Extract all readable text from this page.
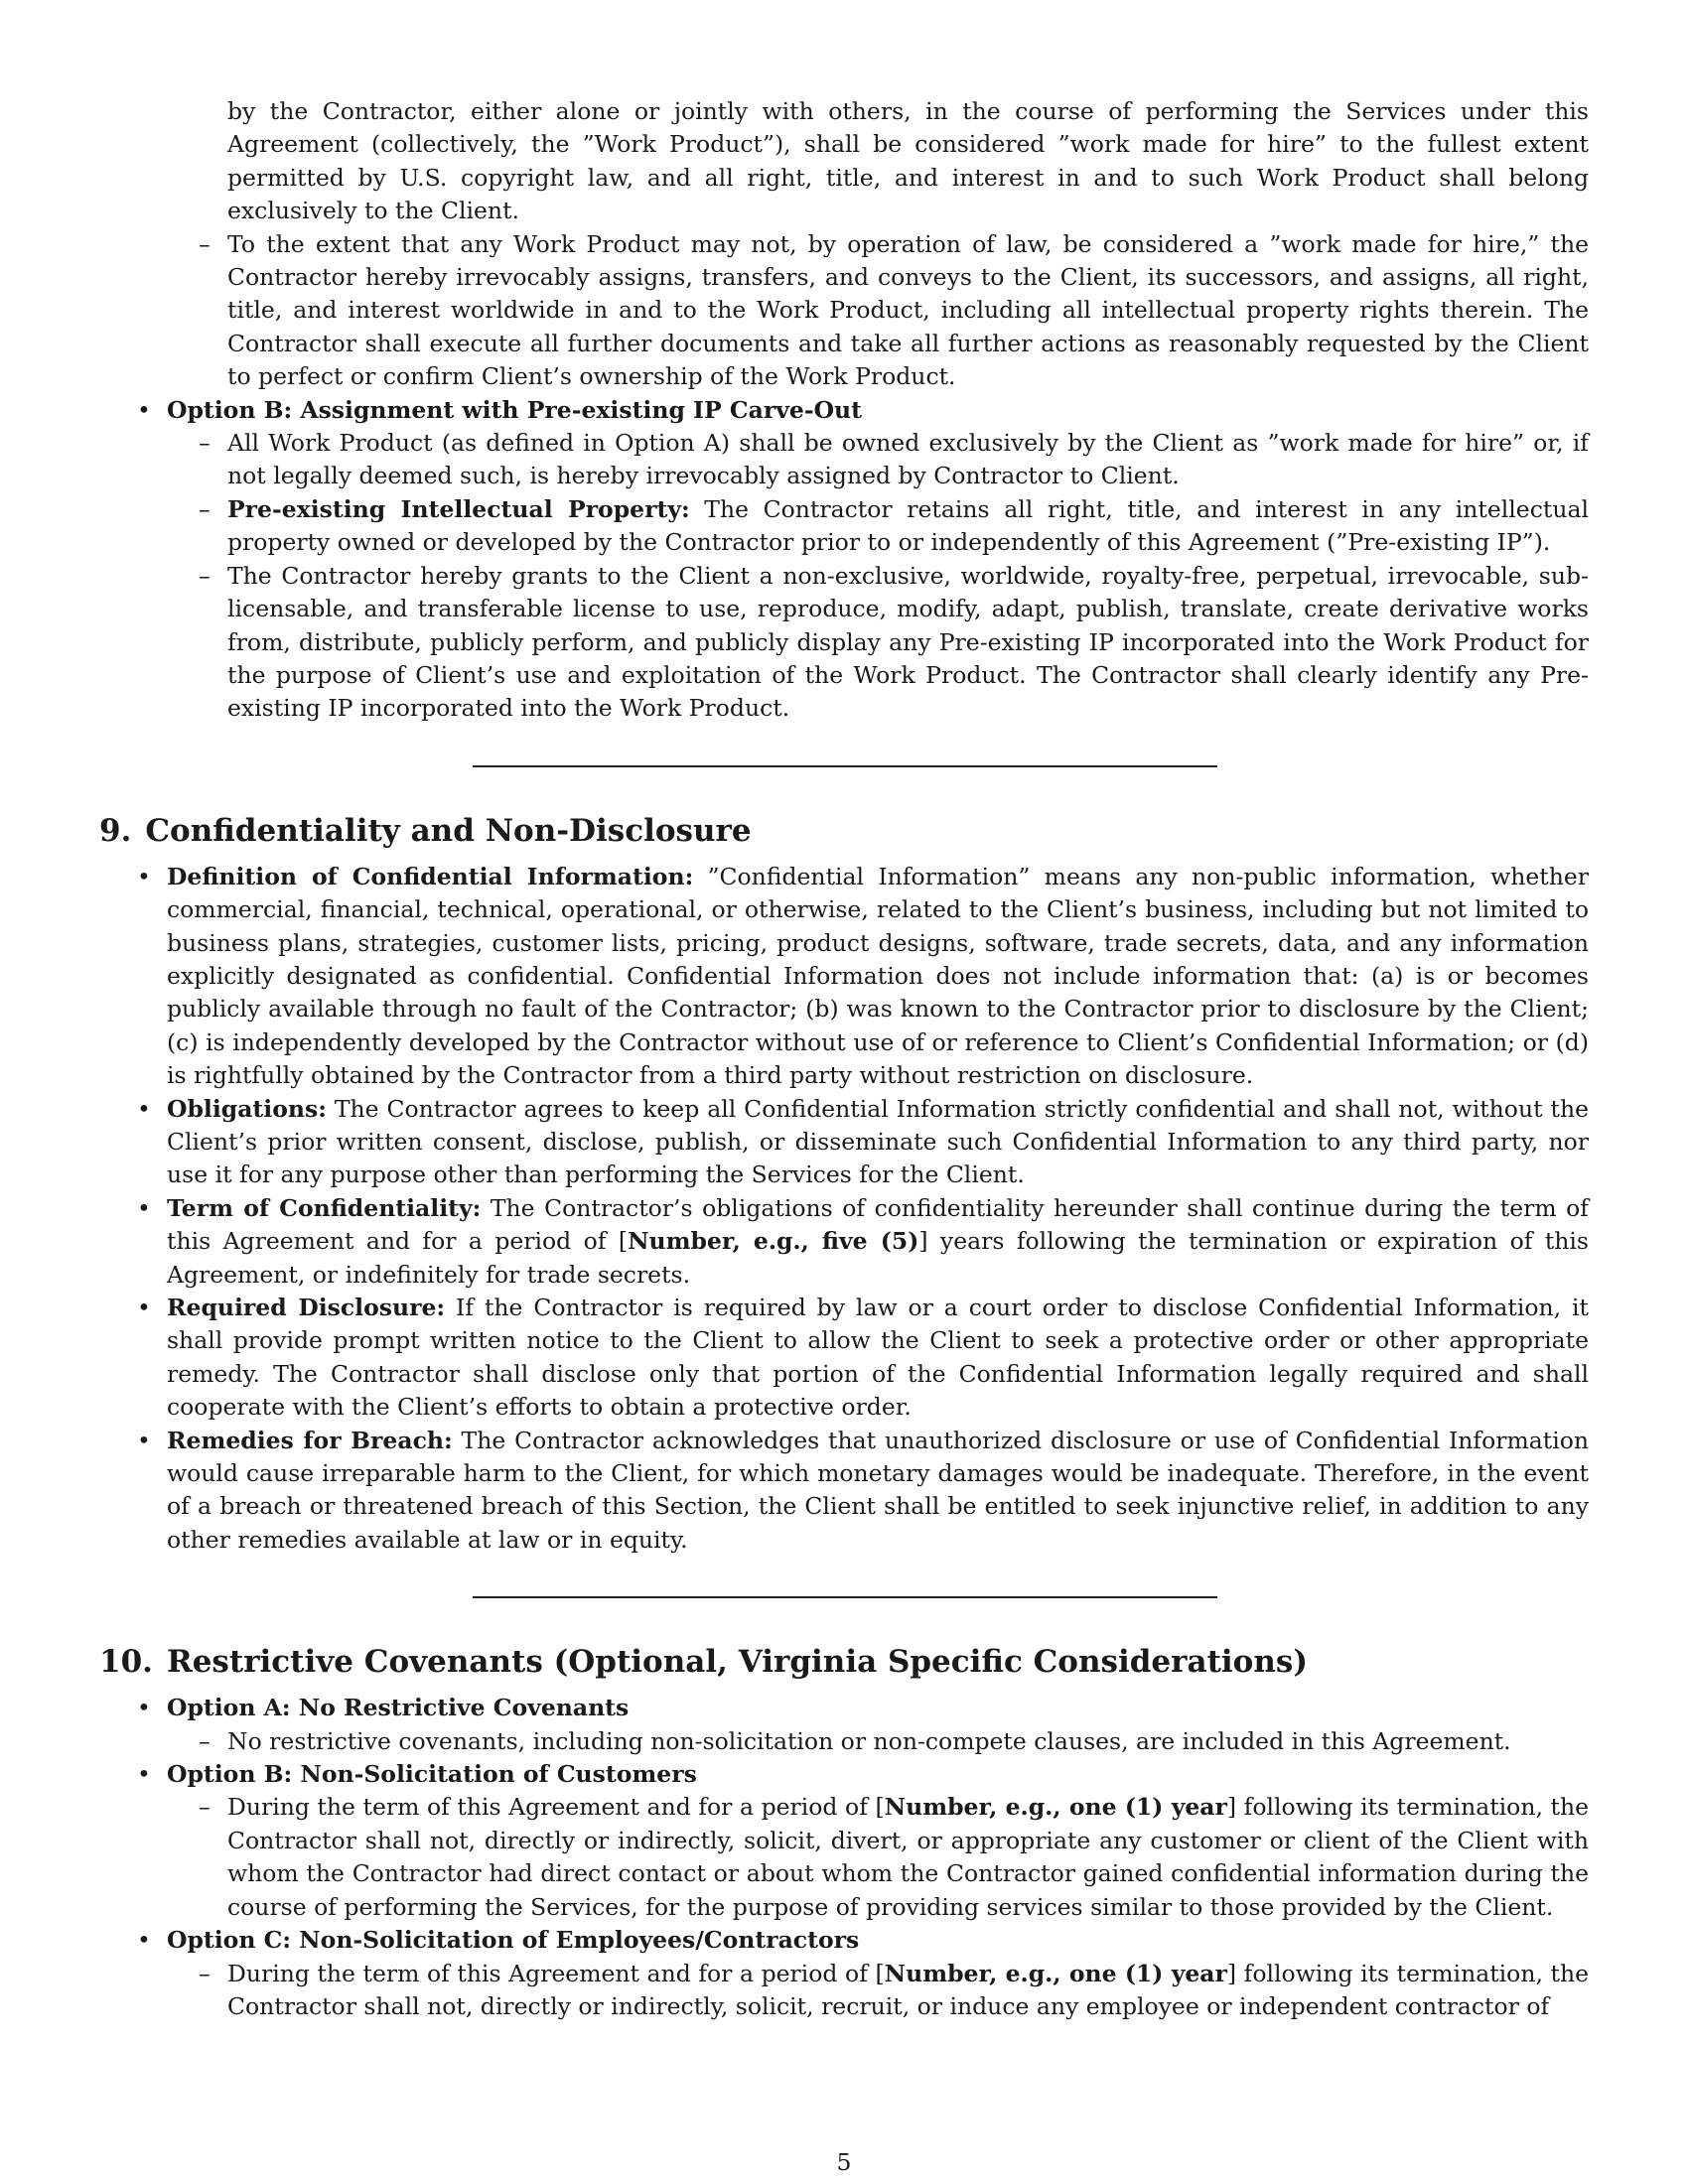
by the Contractor, either alone or jointly with others, in the course of performing the Services under this Agreement (collectively, the ”Work Product”), shall be considered ”work made for hire” to the fullest extent permitted by U.S. copyright law, and all right, title, and interest in and to such Work Product shall belong exclusively to the Client.
– To the extent that any Work Product may not, by operation of law, be considered a ”work made for hire,” the Contractor hereby irrevocably assigns, transfers, and conveys to the Client, its successors, and assigns, all right, title, and interest worldwide in and to the Work Product, including all intellectual property rights therein. The Contractor shall execute all further documents and take all further actions as reasonably requested by the Client to perfect or confirm Client’s ownership of the Work Product.
• Option B: Assignment with Pre-existing IP Carve-Out
– All Work Product (as defined in Option A) shall be owned exclusively by the Client as ”work made for hire” or, if not legally deemed such, is hereby irrevocably assigned by Contractor to Client.
– Pre-existing Intellectual Property: The Contractor retains all right, title, and interest in any intellectual property owned or developed by the Contractor prior to or independently of this Agreement (”Pre-existing IP”).
– The Contractor hereby grants to the Client a non-exclusive, worldwide, royalty-free, perpetual, irrevocable, sub-licensable, and transferable license to use, reproduce, modify, adapt, publish, translate, create derivative works from, distribute, publicly perform, and publicly display any Pre-existing IP incorporated into the Work Product for the purpose of Client’s use and exploitation of the Work Product. The Contractor shall clearly identify any Pre-existing IP incorporated into the Work Product.
9. Confidentiality and Non-Disclosure
• Definition of Confidential Information: ”Confidential Information” means any non-public information, whether commercial, financial, technical, operational, or otherwise, related to the Client’s business, including but not limited to business plans, strategies, customer lists, pricing, product designs, software, trade secrets, data, and any information explicitly designated as confidential. Confidential Information does not include information that: (a) is or becomes publicly available through no fault of the Contractor; (b) was known to the Contractor prior to disclosure by the Client; (c) is independently developed by the Contractor without use of or reference to Client’s Confidential Information; or (d) is rightfully obtained by the Contractor from a third party without restriction on disclosure.
• Obligations: The Contractor agrees to keep all Confidential Information strictly confidential and shall not, without the Client’s prior written consent, disclose, publish, or disseminate such Confidential Information to any third party, nor use it for any purpose other than performing the Services for the Client.
• Term of Confidentiality: The Contractor’s obligations of confidentiality hereunder shall continue during the term of this Agreement and for a period of [Number, e.g., five (5)] years following the termination or expiration of this Agreement, or indefinitely for trade secrets.
• Required Disclosure: If the Contractor is required by law or a court order to disclose Confidential Information, it shall provide prompt written notice to the Client to allow the Client to seek a protective order or other appropriate remedy. The Contractor shall disclose only that portion of the Confidential Information legally required and shall cooperate with the Client’s efforts to obtain a protective order.
• Remedies for Breach: The Contractor acknowledges that unauthorized disclosure or use of Confidential Information would cause irreparable harm to the Client, for which monetary damages would be inadequate. Therefore, in the event of a breach or threatened breach of this Section, the Client shall be entitled to seek injunctive relief, in addition to any other remedies available at law or in equity.
10. Restrictive Covenants (Optional, Virginia Specific Considerations)
• Option A: No Restrictive Covenants
– No restrictive covenants, including non-solicitation or non-compete clauses, are included in this Agreement.
• Option B: Non-Solicitation of Customers
– During the term of this Agreement and for a period of [Number, e.g., one (1) year] following its termination, the Contractor shall not, directly or indirectly, solicit, divert, or appropriate any customer or client of the Client with whom the Contractor had direct contact or about whom the Contractor gained confidential information during the course of performing the Services, for the purpose of providing services similar to those provided by the Client.
• Option C: Non-Solicitation of Employees/Contractors
– During the term of this Agreement and for a period of [Number, e.g., one (1) year] following its termination, the Contractor shall not, directly or indirectly, solicit, recruit, or induce any employee or independent contractor of
5
